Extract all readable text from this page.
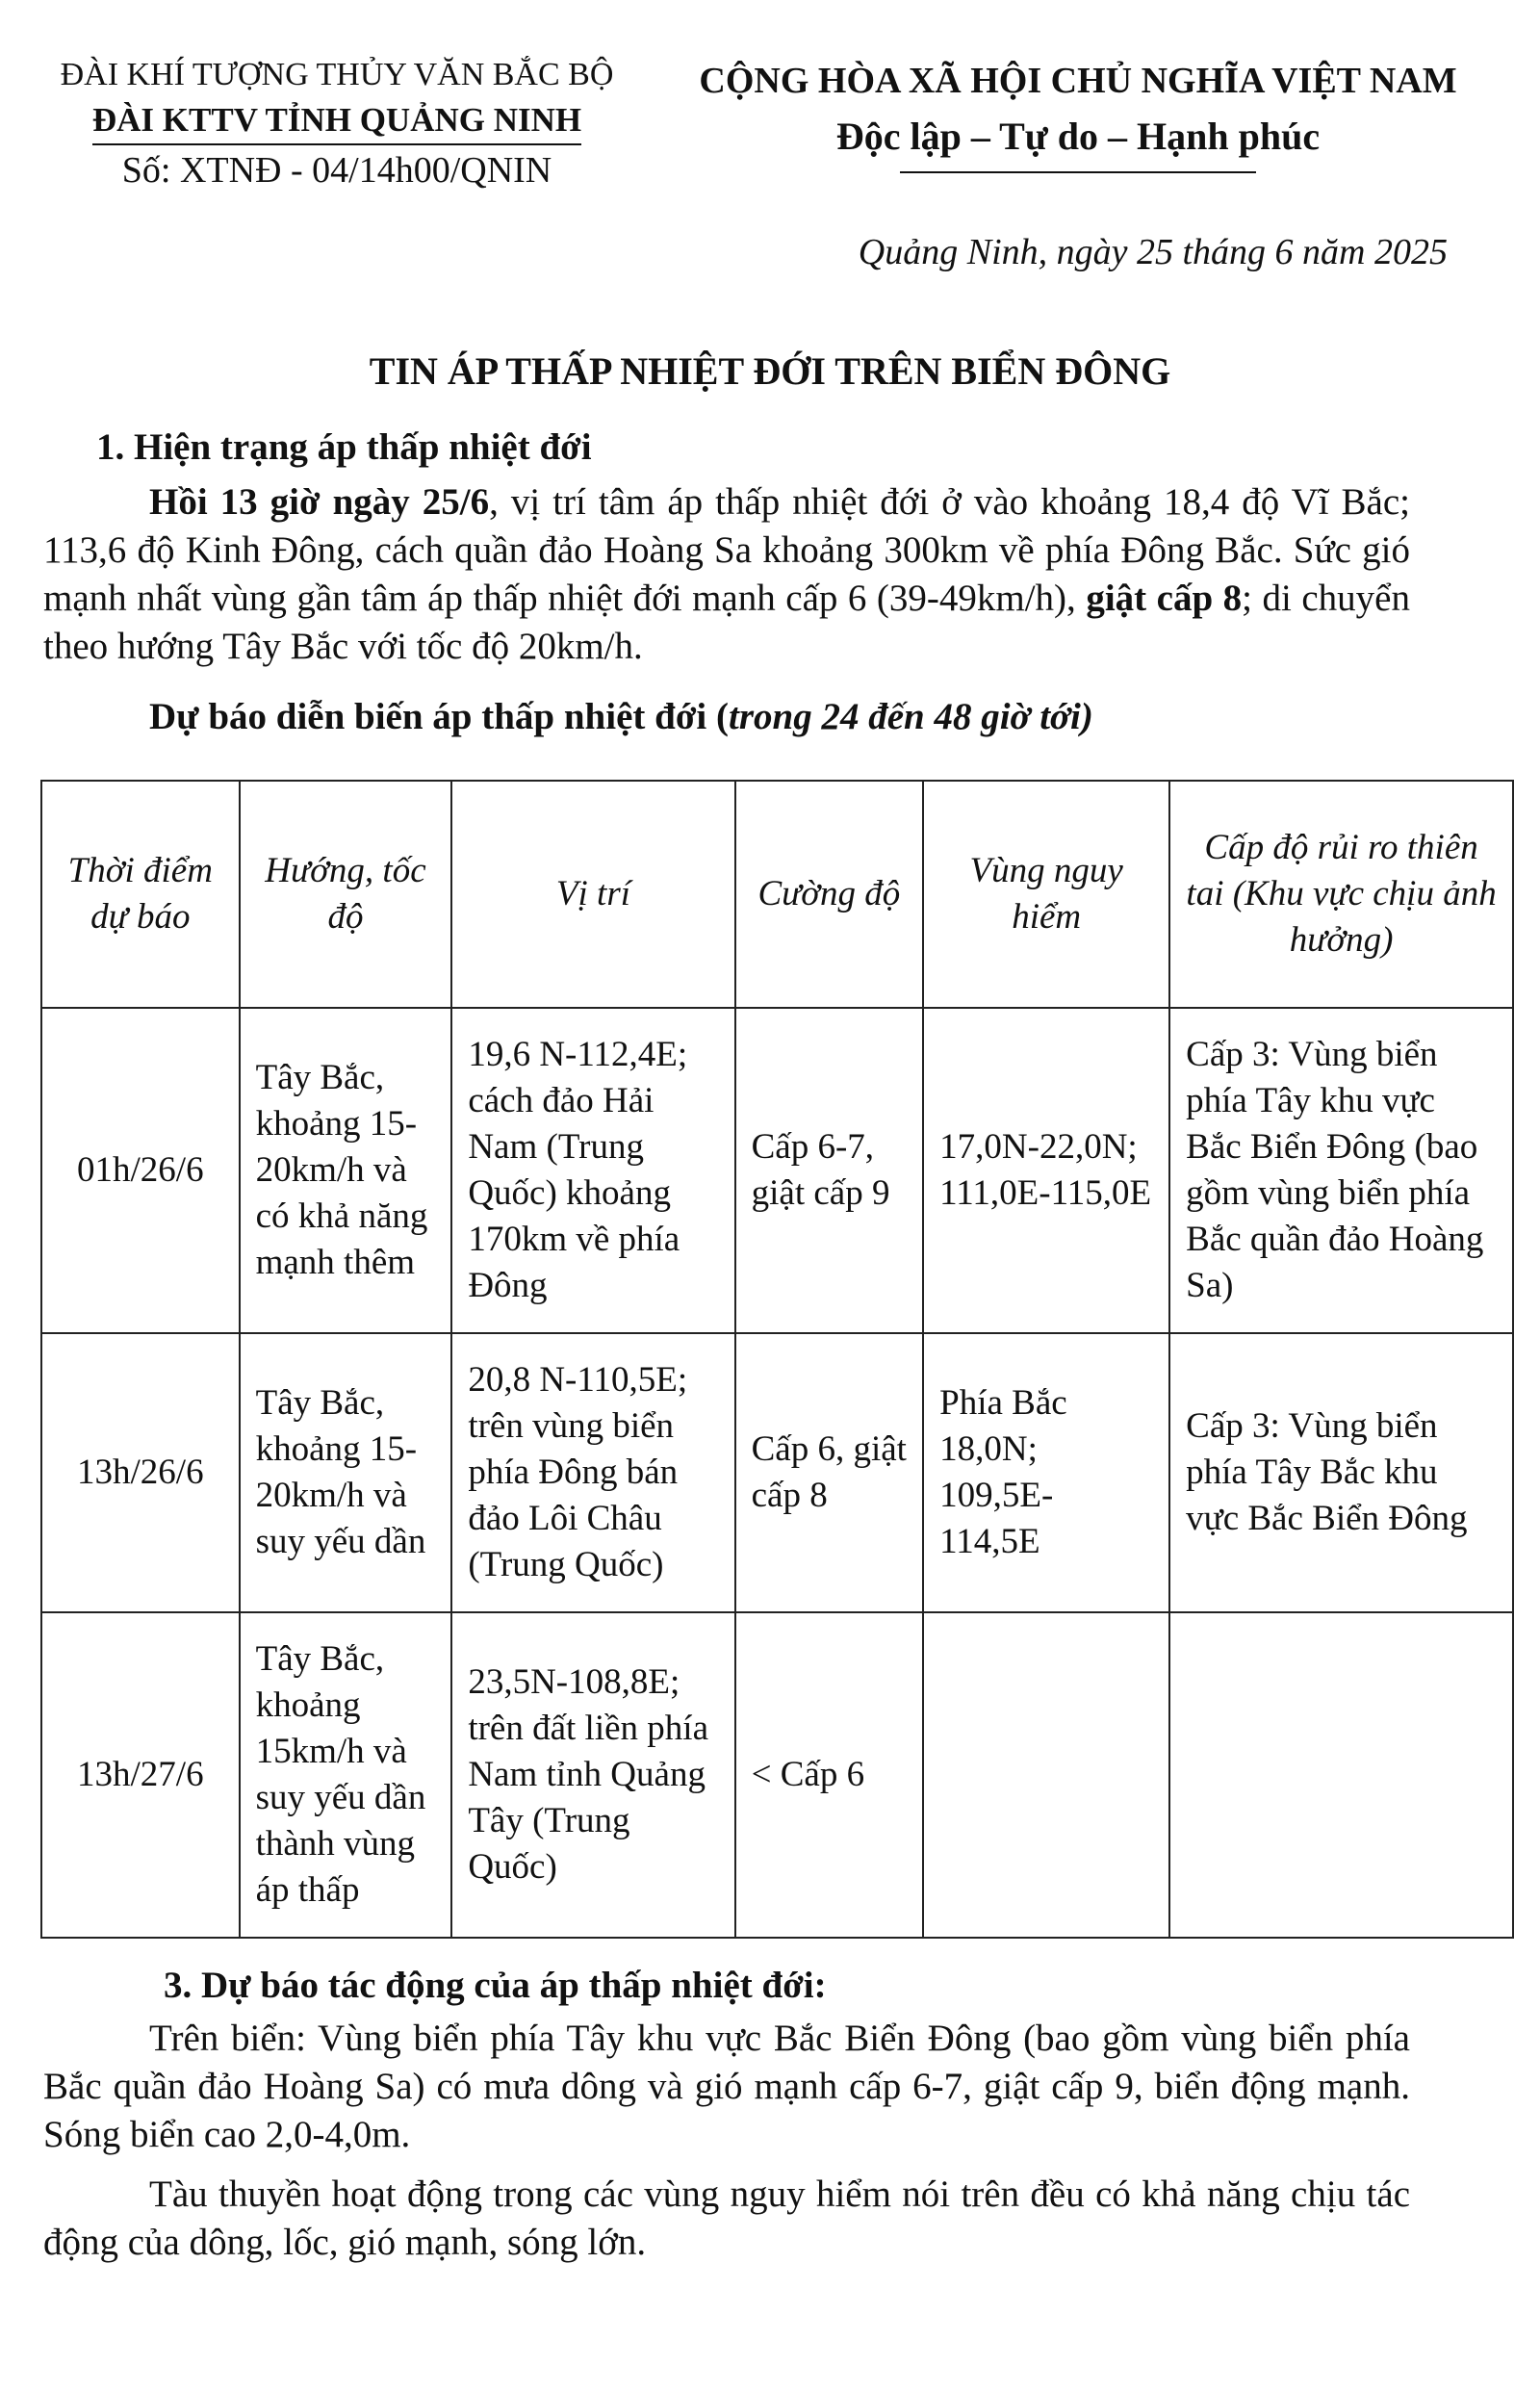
ĐÀI KHÍ TƯỢNG THỦY VĂN BẮC BỘ
ĐÀI KTTV TỈNH QUẢNG NINH
Số: XTNĐ - 04/14h00/QNIN
CỘNG HÒA XÃ HỘI CHỦ NGHĨA VIỆT NAM
Độc lập – Tự do – Hạnh phúc
Quảng Ninh, ngày 25 tháng 6 năm 2025
TIN ÁP THẤP NHIỆT ĐỚI TRÊN BIỂN ĐÔNG
1. Hiện trạng áp thấp nhiệt đới
Hồi 13 giờ ngày 25/6, vị trí tâm áp thấp nhiệt đới ở vào khoảng 18,4 độ Vĩ Bắc; 113,6 độ Kinh Đông, cách quần đảo Hoàng Sa khoảng 300km về phía Đông Bắc. Sức gió mạnh nhất vùng gần tâm áp thấp nhiệt đới mạnh cấp 6 (39-49km/h), giật cấp 8; di chuyển theo hướng Tây Bắc với tốc độ 20km/h.
Dự báo diễn biến áp thấp nhiệt đới (trong 24 đến 48 giờ tới)
Thời điểm dự báo	Hướng, tốc độ	Vị trí	Cường độ	Vùng nguy hiểm	Cấp độ rủi ro thiên tai (Khu vực chịu ảnh hưởng)
01h/26/6	Tây Bắc, khoảng 15-20km/h và có khả năng mạnh thêm	19,6 N-112,4E; cách đảo Hải Nam (Trung Quốc) khoảng 170km về phía Đông	Cấp 6-7, giật cấp 9	17,0N-22,0N; 111,0E-115,0E	Cấp 3: Vùng biển phía Tây khu vực Bắc Biển Đông (bao gồm vùng biển phía Bắc quần đảo Hoàng Sa)
13h/26/6	Tây Bắc, khoảng 15-20km/h và suy yếu dần	20,8 N-110,5E; trên vùng biển phía Đông bán đảo Lôi Châu (Trung Quốc)	Cấp 6, giật cấp 8	Phía Bắc 18,0N; 109,5E-114,5E	Cấp 3: Vùng biển phía Tây Bắc khu vực Bắc Biển Đông
13h/27/6	Tây Bắc, khoảng 15km/h và suy yếu dần thành vùng áp thấp	23,5N-108,8E; trên đất liền phía Nam tỉnh Quảng Tây (Trung Quốc)	< Cấp 6		
3. Dự báo tác động của áp thấp nhiệt đới:
Trên biển: Vùng biển phía Tây khu vực Bắc Biển Đông (bao gồm vùng biển phía Bắc quần đảo Hoàng Sa) có mưa dông và gió mạnh cấp 6-7, giật cấp 9, biển động mạnh. Sóng biển cao 2,0-4,0m.
Tàu thuyền hoạt động trong các vùng nguy hiểm nói trên đều có khả năng chịu tác động của dông, lốc, gió mạnh, sóng lớn.
